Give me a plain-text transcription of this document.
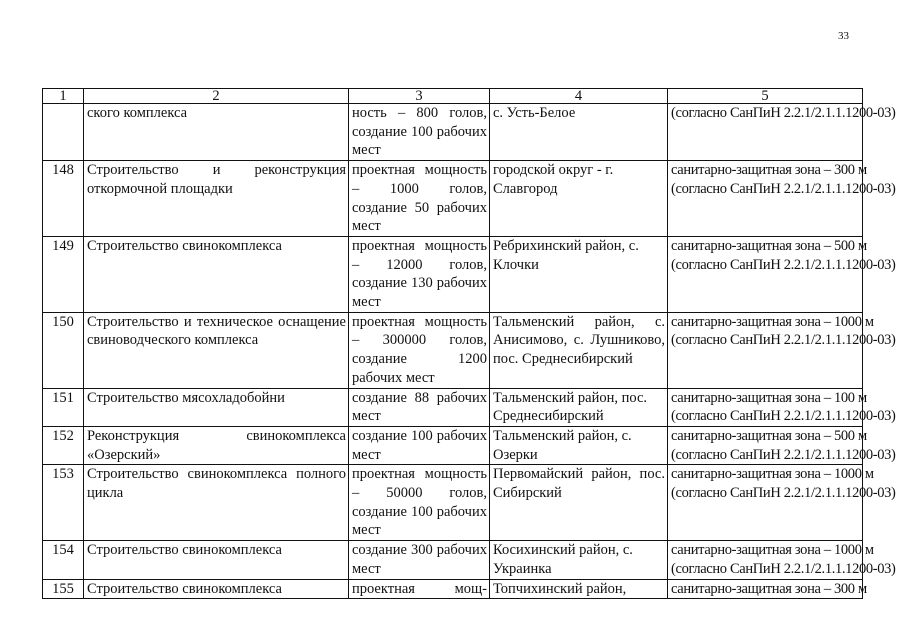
33
1	2	3	4	5
	ского комплекса	ность – 800 голов, создание 100 рабочих мест	с. Усть-Белое	(согласно СанПиН 2.2.1/2.1.1.1200-03)
148	Строительство и реконструкция откормочной площадки	проектная мощность – 1000 голов, создание 50 рабочих мест	городской округ - г. Славгород	санитарно-защитная зона – 300 м
(согласно СанПиН 2.2.1/2.1.1.1200-03)

149	Строительство свинокомплекса	проектная мощность – 12000 голов, создание 130 рабочих мест	Ребрихинский район, с. Клочки	санитарно-защитная зона – 500 м
(согласно СанПиН 2.2.1/2.1.1.1200-03)

150	Строительство и техническое оснащение свиноводческого комплекса	проектная мощность – 300000 голов, создание 1200 рабочих мест	Тальменский район, с. Анисимово, с. Лушниково, пос. Среднесибирский	санитарно-защитная зона – 1000 м
(согласно СанПиН 2.2.1/2.1.1.1200-03)

151	Строительство мясохладобойни	создание 88 рабочих мест	Тальменский район, пос. Среднесибирский	санитарно-защитная зона – 100 м
(согласно СанПиН 2.2.1/2.1.1.1200-03)

152	Реконструкция свинокомплекса «Озерский»	создание 100 рабочих мест	Тальменский район, с. Озерки	санитарно-защитная зона – 500 м
(согласно СанПиН 2.2.1/2.1.1.1200-03)

153	Строительство свинокомплекса полного цикла	проектная мощность – 50000 голов, создание 100 рабочих мест	Первомайский район, пос. Сибирский	санитарно-защитная зона – 1000 м
(согласно СанПиН 2.2.1/2.1.1.1200-03)

154	Строительство свинокомплекса	создание 300 рабочих мест	Косихинский район, с. Украинка	санитарно-защитная зона – 1000 м
(согласно СанПиН 2.2.1/2.1.1.1200-03)

155	Строительство свинокомплекса	проектная мощ-	Топчихинский район,	санитарно-защитная зона – 300 м
